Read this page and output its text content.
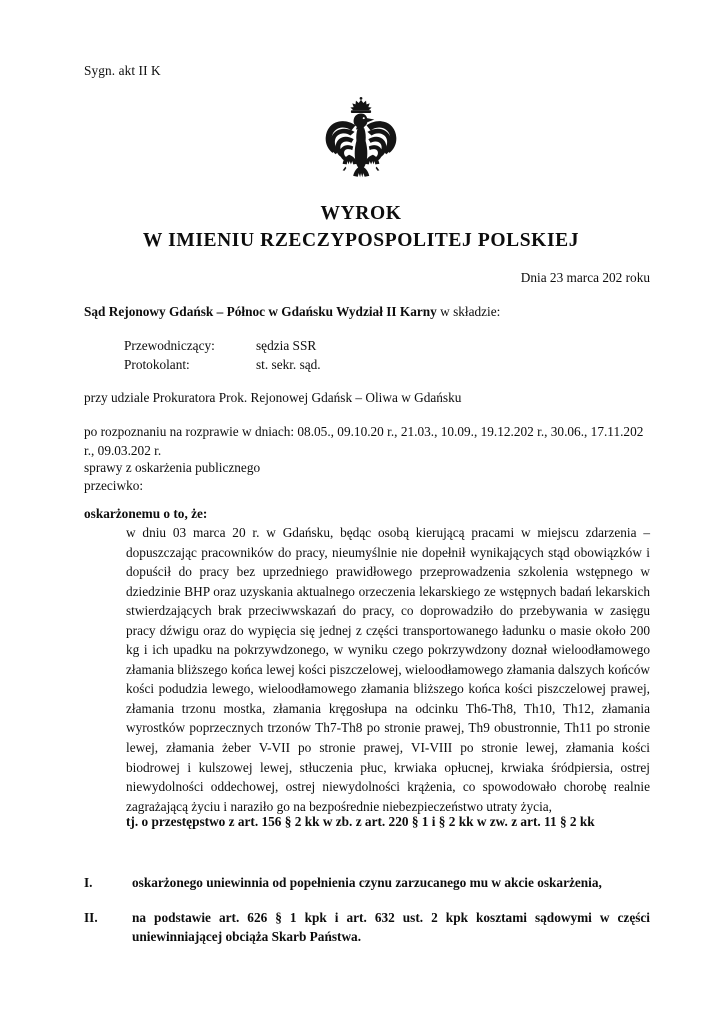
Sygn. akt II K
WYROK
W IMIENIU RZECZYPOSPOLITEJ POLSKIEJ
Dnia 23 marca 202 roku
Sąd Rejonowy Gdańsk – Północ w Gdańsku Wydział II Karny w składzie:
Przewodniczący:	sędzia SSR
Protokolant:	st. sekr. sąd.
przy udziale Prokuratora Prok. Rejonowej Gdańsk – Oliwa w Gdańsku
po rozpoznaniu na rozprawie w dniach: 08.05., 09.10.20 r., 21.03., 10.09., 19.12.202 r., 30.06., 17.11.202 r., 09.03.202 r.
sprawy z oskarżenia publicznego
przeciwko:
oskarżonemu o to, że:

w dniu 03 marca 20 r. w Gdańsku, będąc osobą kierującą pracami w miejscu zdarzenia – dopuszczając pracowników do pracy, nieumyślnie nie dopełnił wynikających stąd obowiązków i dopuścił do pracy bez uprzedniego prawidłowego przeprowadzenia szkolenia wstępnego w dziedzinie BHP oraz uzyskania aktualnego orzeczenia lekarskiego ze wstępnych badań lekarskich stwierdzających brak przeciwwskazań do pracy, co doprowadziło do przebywania w zasięgu pracy dźwigu oraz do wypięcia się jednej z części transportowanego ładunku o masie około 200 kg i ich upadku na pokrzywdzonego, w wyniku czego pokrzywdzony doznał wieloodłamowego złamania bliższego końca lewej kości piszczelowej, wieloodłamowego złamania dalszych końców kości podudzia lewego, wieloodłamowego złamania bliższego końca kości piszczelowej prawej, złamania trzonu mostka, złamania kręgosłupa na odcinku Th6-Th8, Th10, Th12, złamania wyrostków poprzecznych trzonów Th7-Th8 po stronie prawej, Th9 obustronnie, Th11 po stronie lewej, złamania żeber V-VII po stronie prawej, VI-VIII po stronie lewej, złamania kości biodrowej i kulszowej lewej, stłuczenia płuc, krwiaka opłucnej, krwiaka śródpiersia, ostrej niewydolności oddechowej, ostrej niewydolności krążenia, co spowodowało chorobę realnie zagrażającą życiu i naraziło go na bezpośrednie niebezpieczeństwo utraty życia,

tj. o przestępstwo z art. 156 § 2 kk w zb. z art. 220 § 1 i § 2 kk w zw. z art. 11 § 2 kk
I.	oskarżonego uniewinnia od popełnienia czynu zarzucanego mu w akcie oskarżenia,
II.	na podstawie art. 626 § 1 kpk i art. 632 ust. 2 kpk kosztami sądowymi w części uniewinniającej obciąża Skarb Państwa.
